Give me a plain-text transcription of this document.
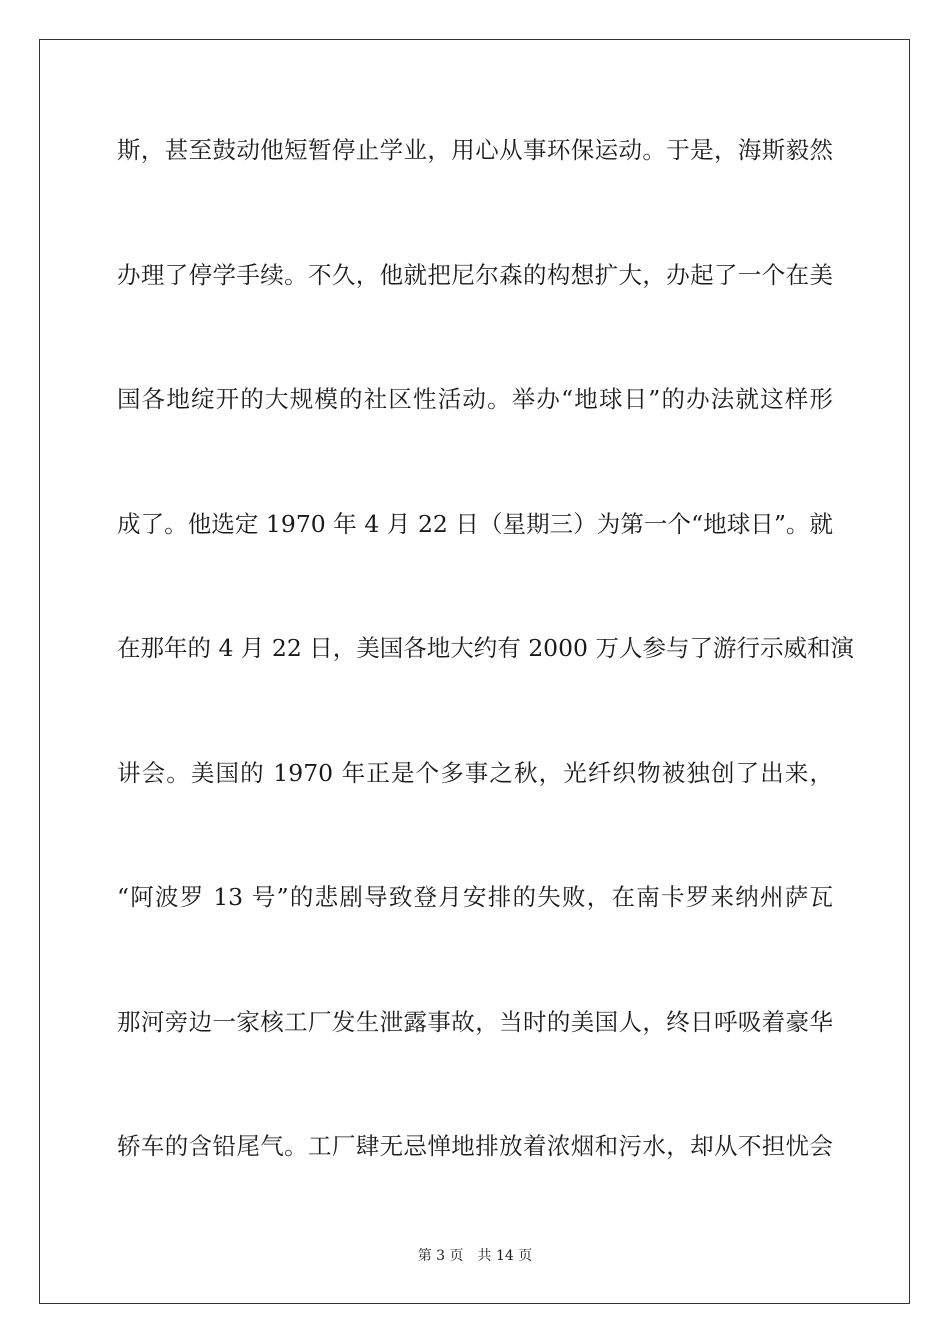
斯，甚至鼓动他短暂停止学业，用心从事环保运动。于是，海斯毅然
办理了停学手续。不久，他就把尼尔森的构想扩大，办起了一个在美
国各地绽开的大规模的社区性活动。举办“地球日”的办法就这样形
成了。他选定 1970 年 4 月 22 日（星期三）为第一个“地球日”。就
在那年的 4 月 22 日，美国各地大约有 2000 万人参与了游行示威和演
讲会。美国的 1970 年正是个多事之秋，光纤织物被独创了出来，
“阿波罗 13 号”的悲剧导致登月安排的失败，在南卡罗来纳州萨瓦
那河旁边一家核工厂发生泄露事故，当时的美国人，终日呼吸着豪华
轿车的含铅尾气。工厂肆无忌惮地排放着浓烟和污水，却从不担忧会
第 3 页 共 14 页
